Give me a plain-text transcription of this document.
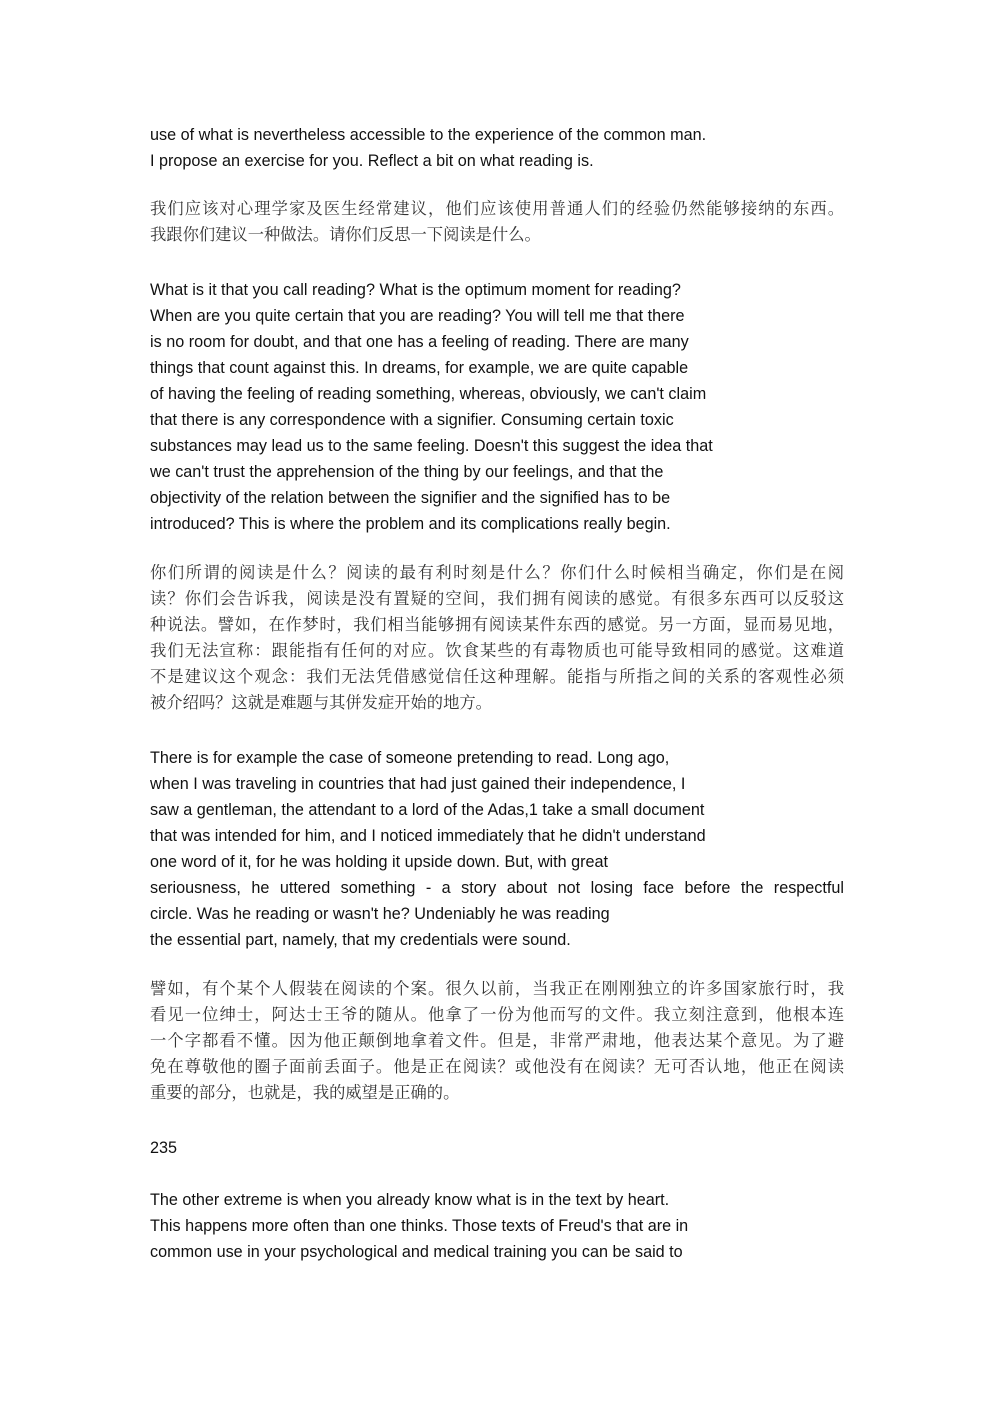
use of what is nevertheless accessible to the experience of the common man.
I propose an exercise for you. Reflect a bit on what reading is.
我们应该对心理学家及医生经常建议，他们应该使用普通人们的经验仍然能够接纳的东西。
我跟你们建议一种做法。请你们反思一下阅读是什么。
What is it that you call reading? What is the optimum moment for reading?
When are you quite certain that you are reading? You will tell me that there
is no room for doubt, and that one has a feeling of reading. There are many
things that count against this. In dreams, for example, we are quite capable
of having the feeling of reading something, whereas, obviously, we can't claim
that there is any correspondence with a signifier. Consuming certain toxic
substances may lead us to the same feeling. Doesn't this suggest the idea that
we can't trust the apprehension of the thing by our feelings, and that the
objectivity of the relation between the signifier and the signified has to be
introduced? This is where the problem and its complications really begin.
你们所谓的阅读是什么？阅读的最有利时刻是什么？你们什么时候相当确定，你们是在阅
读？你们会告诉我，阅读是没有置疑的空间，我们拥有阅读的感觉。有很多东西可以反驳这
种说法。譬如，在作梦时，我们相当能够拥有阅读某件东西的感觉。另一方面，显而易见地，
我们无法宣称：跟能指有任何的对应。饮食某些的有毒物质也可能导致相同的感觉。这难道
不是建议这个观念：我们无法凭借感觉信任这种理解。能指与所指之间的关系的客观性必须
被介绍吗？这就是难题与其併发症开始的地方。
There is for example the case of someone pretending to read. Long ago,
when I was traveling in countries that had just gained their independence, I
saw a gentleman, the attendant to a lord of the Adas,1 take a small document
that was intended for him, and I noticed immediately that he didn't understand
one word of it, for he was holding it upside down. But, with great
seriousness, he uttered something - a story about not losing face before the respectful
circle. Was he reading or wasn't he? Undeniably he was reading
the essential part, namely, that my credentials were sound.
譬如，有个某个人假装在阅读的个案。很久以前，当我正在刚刚独立的许多国家旅行时，我
看见一位绅士，阿达士王爷的随从。他拿了一份为他而写的文件。我立刻注意到，他根本连
一个字都看不懂。因为他正颠倒地拿着文件。但是，非常严肃地，他表达某个意见。为了避
免在尊敬他的圈子面前丢面子。他是正在阅读？或他没有在阅读？无可否认地，他正在阅读
重要的部分，也就是，我的威望是正确的。
235
The other extreme is when you already know what is in the text by heart.
This happens more often than one thinks. Those texts of Freud's that are in
common use in your psychological and medical training you can be said to
